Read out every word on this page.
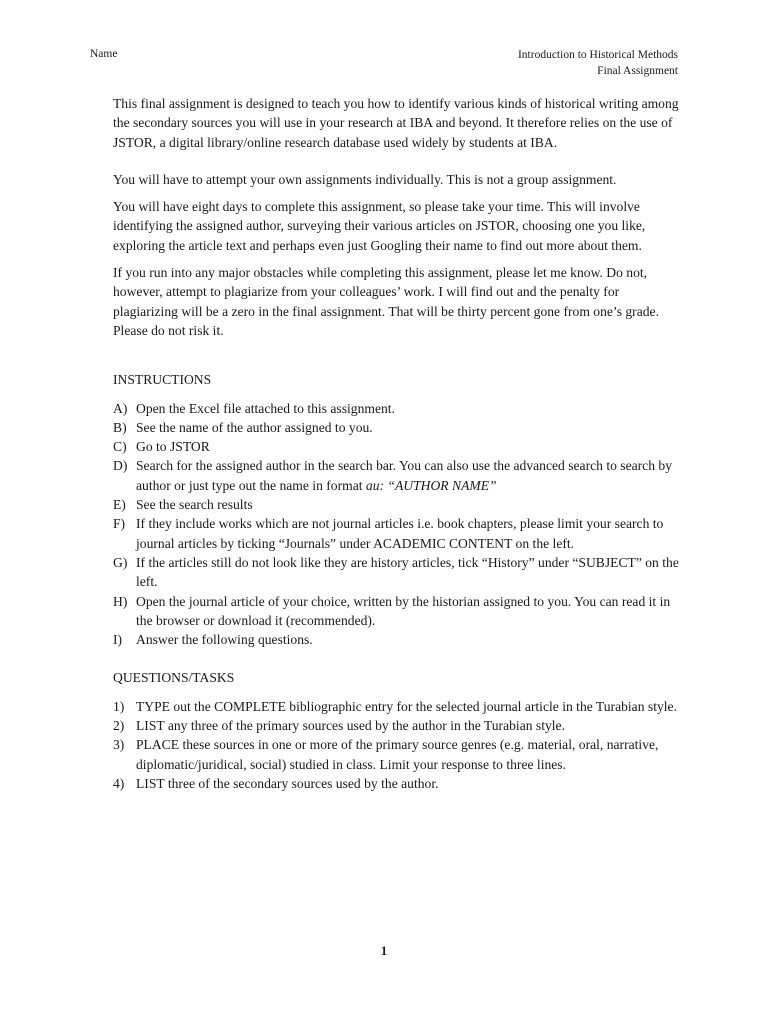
Name	Introduction to Historical Methods
Final Assignment

This final assignment is designed to teach you how to identify various kinds of historical writing among the secondary sources you will use in your research at IBA and beyond. It therefore relies on the use of JSTOR, a digital library/online research database used widely by students at IBA.

You will have to attempt your own assignments individually. This is not a group assignment.

You will have eight days to complete this assignment, so please take your time. This will involve identifying the assigned author, surveying their various articles on JSTOR, choosing one you like, exploring the article text and perhaps even just Googling their name to find out more about them.

If you run into any major obstacles while completing this assignment, please let me know. Do not, however, attempt to plagiarize from your colleagues’ work. I will find out and the penalty for plagiarizing will be a zero in the final assignment. That will be thirty percent gone from one’s grade. Please do not risk it.

INSTRUCTIONS
A) Open the Excel file attached to this assignment.
B) See the name of the author assigned to you.
C) Go to JSTOR
D) Search for the assigned author in the search bar. You can also use the advanced search to search by author or just type out the name in format au: “AUTHOR NAME”
E) See the search results
F) If they include works which are not journal articles i.e. book chapters, please limit your search to journal articles by ticking “Journals” under ACADEMIC CONTENT on the left.
G) If the articles still do not look like they are history articles, tick “History” under “SUBJECT” on the left.
H) Open the journal article of your choice, written by the historian assigned to you. You can read it in the browser or download it (recommended).
I)	Answer the following questions.
QUESTIONS/TASKS
1) TYPE out the COMPLETE bibliographic entry for the selected journal article in the Turabian style.
2) LIST any three of the primary sources used by the author in the Turabian style.
3) PLACE these sources in one or more of the primary source genres (e.g. material, oral, narrative, diplomatic/juridical, social) studied in class. Limit your response to three lines.
4) LIST three of the secondary sources used by the author.
1
